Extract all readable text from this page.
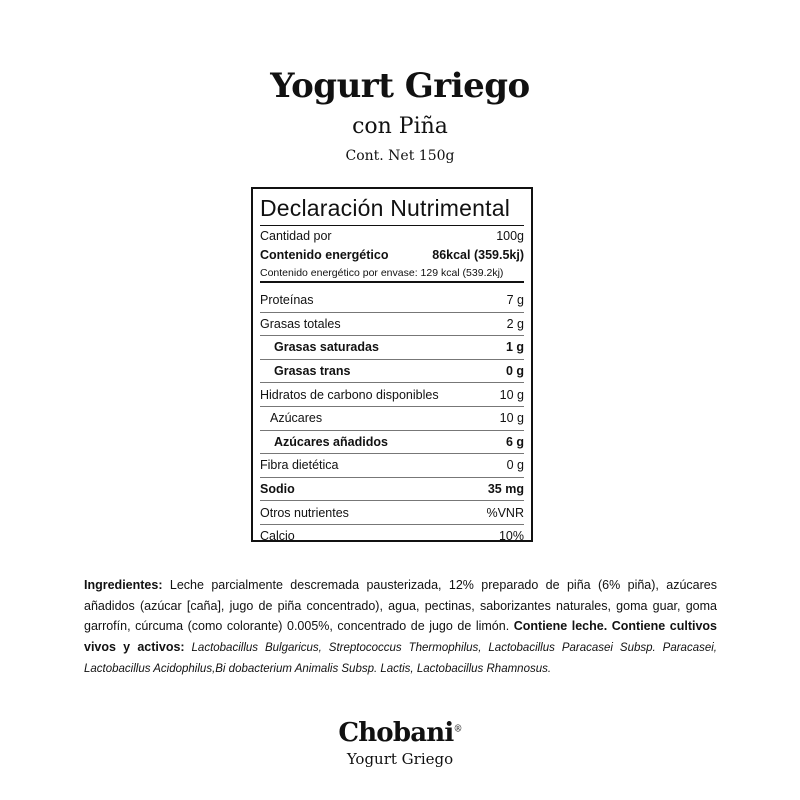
Yogurt Griego
con Piña
Cont. Net 150g
Declaración Nutrimental
Cantidad por	100g
Contenido energético	86kcal (359.5kj)
Contenido energético por envase: 129 kcal (539.2kj)
Proteínas	7 g
Grasas totales	2 g
Grasas saturadas	1 g
Grasas trans	0 g
Hidratos de carbono disponibles	10 g
Azúcares	10 g
Azúcares añadidos	6 g
Fibra dietética	0 g
Sodio	35 mg
Otros nutrientes	%VNR
Calcio	10%

Ingredientes: Leche parcialmente descremada pausterizada, 12% preparado de piña (6% piña), azúcares añadidos (azúcar [caña], jugo de piña concentrado), agua, pectinas, saborizantes naturales, goma guar, goma garrofín, cúrcuma (como colorante) 0.005%, concentrado de jugo de limón. Contiene leche. Contiene cultivos vivos y activos: Lactobacillus Bulgaricus, Streptococcus Thermophilus, Lactobacillus Paracasei Subsp. Paracasei, Lactobacillus Acidophilus,Bi dobacterium Animalis Subsp. Lactis, Lactobacillus Rhamnosus.

Chobani®
Yogurt Griego
